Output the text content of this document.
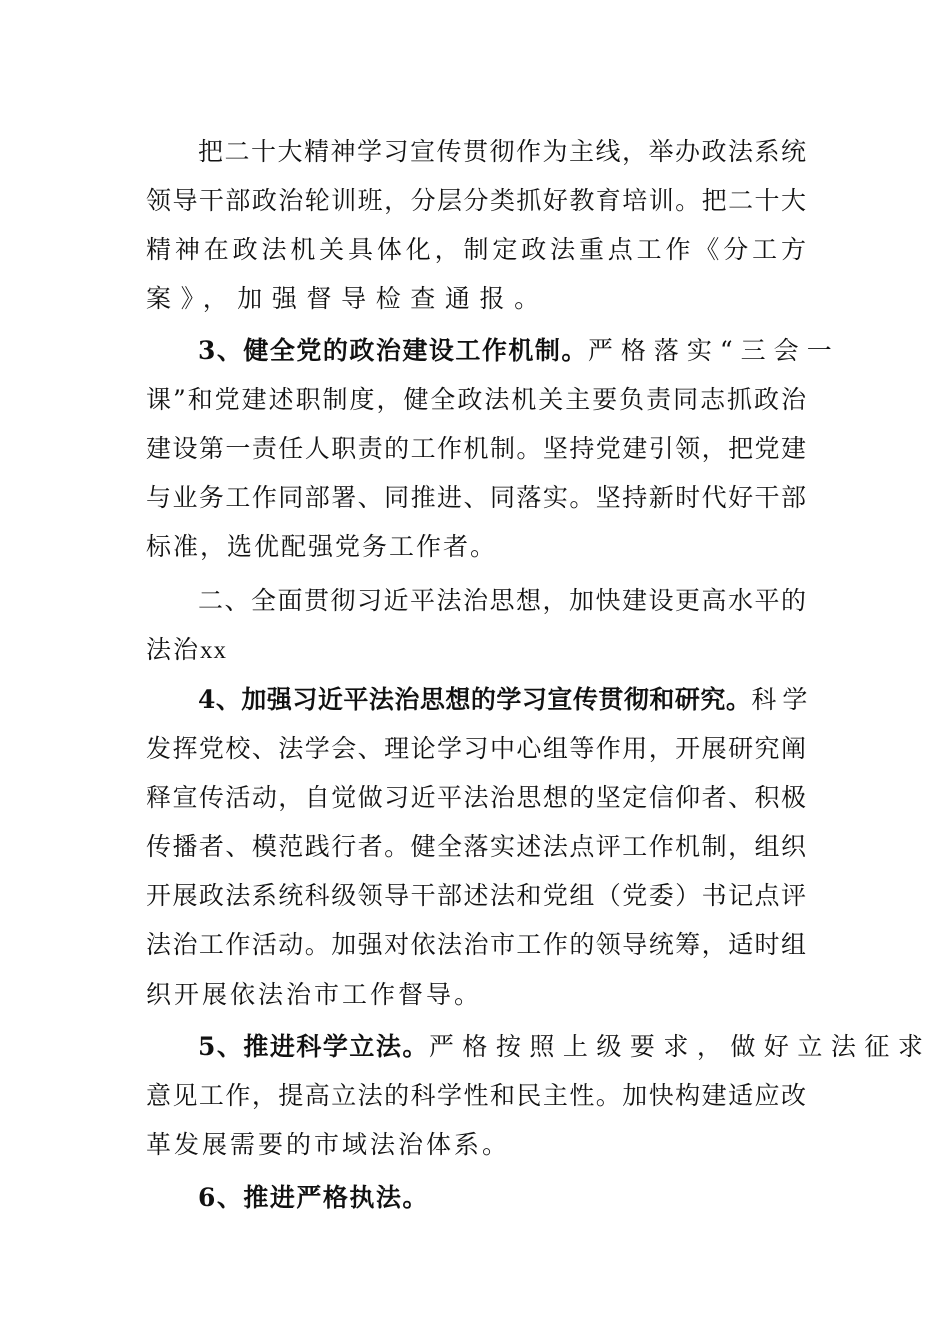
把二十大精神学习宣传贯彻作为主线，举办政法系统
领导干部政治轮训班，分层分类抓好教育培训。把二十大
精神在政法机关具体化，制定政法重点工作《分工方
案》，加强督导检查通报。
3、健全党的政治建设工作机制。 严格落实“三会一
课”和党建述职制度，健全政法机关主要负责同志抓政治
建设第一责任人职责的工作机制。坚持党建引领，把党建
与业务工作同部署、同推进、同落实。坚持新时代好干部
标准，选优配强党务工作者。
二、全面贯彻习近平法治思想，加快建设更高水平的
法治xx
4、加强习近平法治思想的学习宣传贯彻和研究。 科学
发挥党校、法学会、理论学习中心组等作用，开展研究阐
释宣传活动，自觉做习近平法治思想的坚定信仰者、积极
传播者、模范践行者。健全落实述法点评工作机制，组织
开展政法系统科级领导干部述法和党组（党委）书记点评
法治工作活动。加强对依法治市工作的领导统筹，适时组
织开展依法治市工作督导。
5、推进科学立法。 严格按照上级要求，做好立法征求
意见工作，提高立法的科学性和民主性。加快构建适应改
革发展需要的市域法治体系。
6、推进严格执法。
